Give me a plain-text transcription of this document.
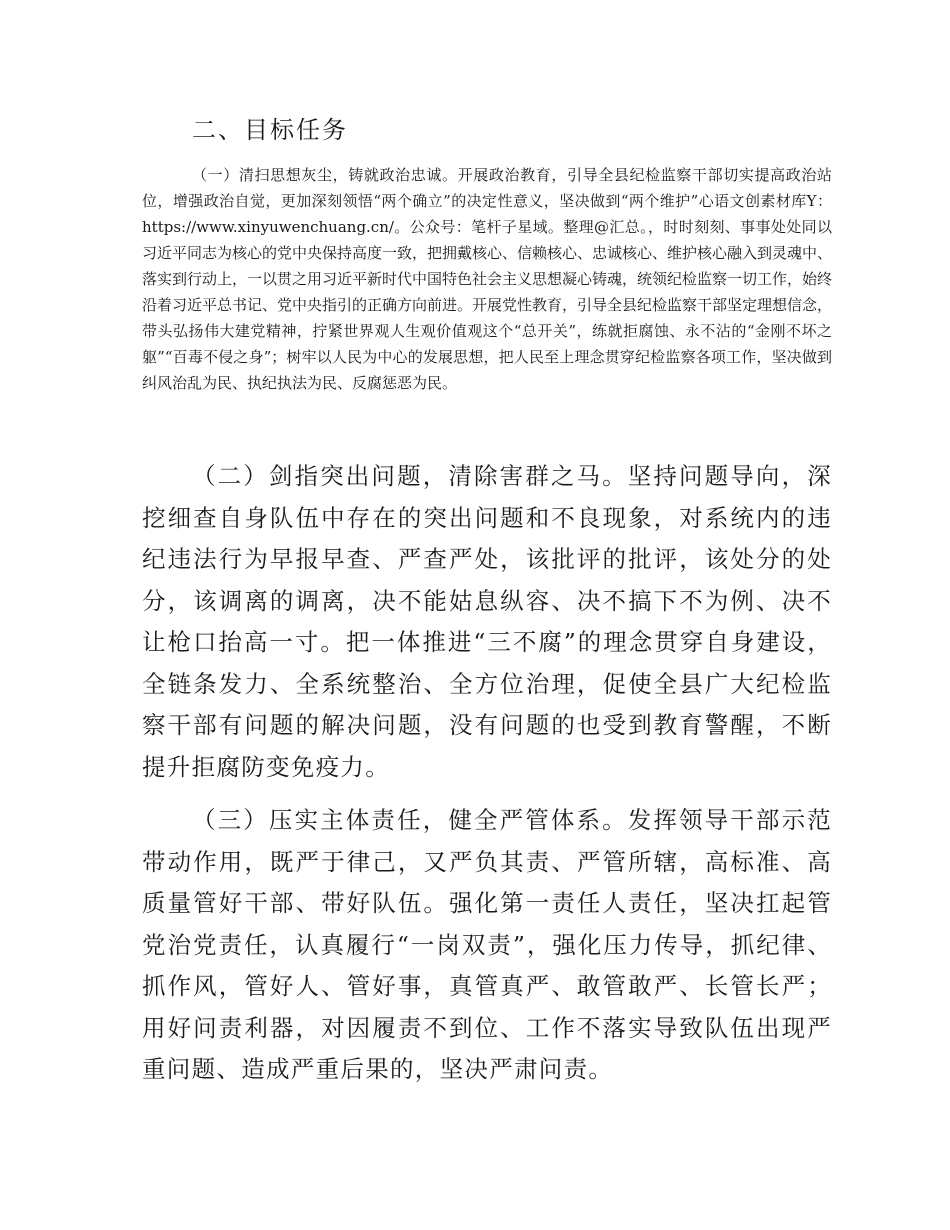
二、目标任务

（一）清扫思想灰尘，铸就政治忠诚。开展政治教育，引导全县纪检监察干部切实提高政治站位，增强政治自觉，更加深刻领悟“两个确立”的决定性意义，坚决做到“两个维护”心语文创素材库Y：https://www.xinyuwenchuang.cn/。公众号：笔杆子星域。整理@汇总。，时时刻刻、事事处处同以习近平同志为核心的党中央保持高度一致，把拥戴核心、信赖核心、忠诚核心、维护核心融入到灵魂中、落实到行动上，一以贯之用习近平新时代中国特色社会主义思想凝心铸魂，统领纪检监察一切工作，始终沿着习近平总书记、党中央指引的正确方向前进。开展党性教育，引导全县纪检监察干部坚定理想信念，带头弘扬伟大建党精神，拧紧世界观人生观价值观这个“总开关”，练就拒腐蚀、永不沾的“金刚不坏之躯”“百毒不侵之身”；树牢以人民为中心的发展思想，把人民至上理念贯穿纪检监察各项工作，坚决做到纠风治乱为民、执纪执法为民、反腐惩恶为民。

（二）剑指突出问题，清除害群之马。坚持问题导向，深挖细查自身队伍中存在的突出问题和不良现象，对系统内的违纪违法行为早报早查、严查严处，该批评的批评，该处分的处分，该调离的调离，决不能姑息纵容、决不搞下不为例、决不让枪口抬高一寸。把一体推进“三不腐”的理念贯穿自身建设，全链条发力、全系统整治、全方位治理，促使全县广大纪检监察干部有问题的解决问题，没有问题的也受到教育警醒，不断提升拒腐防变免疫力。

（三）压实主体责任，健全严管体系。发挥领导干部示范带动作用，既严于律己，又严负其责、严管所辖，高标准、高质量管好干部、带好队伍。强化第一责任人责任，坚决扛起管党治党责任，认真履行“一岗双责”，强化压力传导，抓纪律、抓作风，管好人、管好事，真管真严、敢管敢严、长管长严；用好问责利器，对因履责不到位、工作不落实导致队伍出现严重问题、造成严重后果的，坚决严肃问责。
